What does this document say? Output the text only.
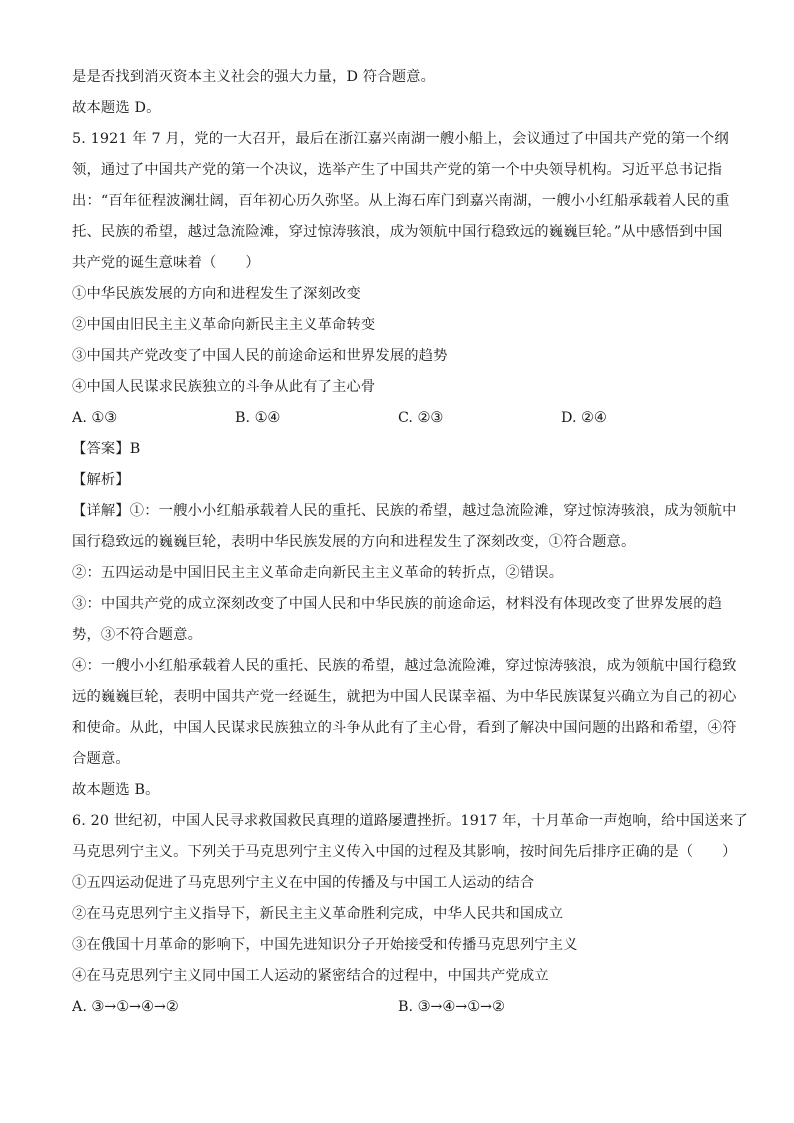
是是否找到消灭资本主义社会的强大力量，D 符合题意。
故本题选 D。
5. 1921 年 7 月，党的一大召开，最后在浙江嘉兴南湖一艘小船上，会议通过了中国共产党的第一个纲
领，通过了中国共产党的第一个决议，选举产生了中国共产党的第一个中央领导机构。习近平总书记指
出：“百年征程波澜壮阔，百年初心历久弥坚。从上海石库门到嘉兴南湖，一艘小小红船承载着人民的重
托、民族的希望，越过急流险滩，穿过惊涛骇浪，成为领航中国行稳致远的巍巍巨轮。”从中感悟到中国
共产党的诞生意味着（　　）
①中华民族发展的方向和进程发生了深刻改变
②中国由旧民主主义革命向新民主主义革命转变
③中国共产党改变了中国人民的前途命运和世界发展的趋势
④中国人民谋求民族独立的斗争从此有了主心骨
A. ①③	B. ①④	C. ②③	D. ②④
【答案】B
【解析】
【详解】①：一艘小小红船承载着人民的重托、民族的希望，越过急流险滩，穿过惊涛骇浪，成为领航中
国行稳致远的巍巍巨轮，表明中华民族发展的方向和进程发生了深刻改变，①符合题意。
②：五四运动是中国旧民主主义革命走向新民主主义革命的转折点，②错误。
③：中国共产党的成立深刻改变了中国人民和中华民族的前途命运，材料没有体现改变了世界发展的趋
势，③不符合题意。
④：一艘小小红船承载着人民的重托、民族的希望，越过急流险滩，穿过惊涛骇浪，成为领航中国行稳致
远的巍巍巨轮，表明中国共产党一经诞生，就把为中国人民谋幸福、为中华民族谋复兴确立为自己的初心
和使命。从此，中国人民谋求民族独立的斗争从此有了主心骨，看到了解决中国问题的出路和希望，④符
合题意。
故本题选 B。
6. 20 世纪初，中国人民寻求救国救民真理的道路屡遭挫折。1917 年，十月革命一声炮响，给中国送来了
马克思列宁主义。下列关于马克思列宁主义传入中国的过程及其影响，按时间先后排序正确的是（　　）
①五四运动促进了马克思列宁主义在中国的传播及与中国工人运动的结合
②在马克思列宁主义指导下，新民主主义革命胜利完成，中华人民共和国成立
③在俄国十月革命的影响下，中国先进知识分子开始接受和传播马克思列宁主义
④在马克思列宁主义同中国工人运动的紧密结合的过程中，中国共产党成立
A. ③→①→④→②	B. ③→④→①→②
